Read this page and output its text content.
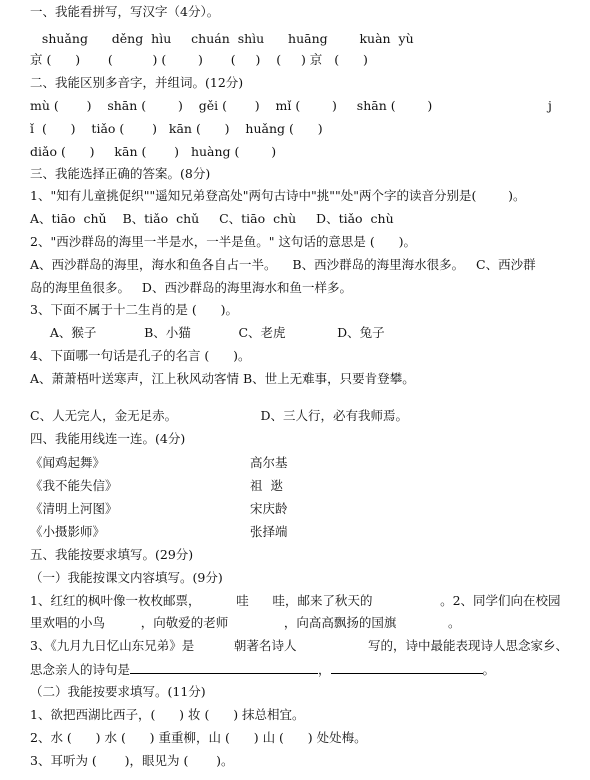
一、我能看拼写，写汉字（4分）。
shuǎng      děng  hìu     chuán  shìu      huāng        kuàn  yù
京 (      )       (          ) (        )       (     )    (     ) 京   (      )
二、我能区别多音字，并组词。(12分)
mù (       )    shān (        )    gěi (       )    mǐ (        )     shān (        )	j
ǐ  (      )    tiǎo (       )   kān (      )    huǎng (      )
diǎo (      )     kān (       )   huàng (        )
三、我能选择正确的答案。(8分)
1、"知有儿童挑促织""遥知兄弟登高处"两句古诗中"挑""处"两个字的读音分别是(        )。
A、tiāo  chǔ    B、tiǎo  chǔ     C、tiāo  chù     D、tiǎo  chù
2、"西沙群岛的海里一半是水，一半是鱼。" 这句话的意思是 (      )。
A、西沙群岛的海里，海水和鱼各自占一半。    B、西沙群岛的海里海水很多。   C、西沙群
岛的海里鱼很多。   D、西沙群岛的海里海水和鱼一样多。
3、下面不属于十二生肖的是 (      )。
A、猴子            B、小猫            C、老虎             D、兔子
4、下面哪一句话是孔子的名言 (      )。
A、萧萧梧叶送寒声，江上秋风动客情 B、世上无难事，只要肯登攀。
C、人无完人，金无足赤。                     D、三人行，必有我师焉。
四、我能用线连一连。(4分)
《闻鸡起舞》	高尔基
《我不能失信》	祖  逖
《清明上河图》	宋庆龄
《小摄影师》	张择端
五、我能按要求填写。(29分)
（一）我能按课文内容填写。(9分)
1、红红的枫叶像一枚枚邮票，         哇      哇，邮来了秋天的                 。2、同学们向在校园
里欢唱的小鸟         ，向敬爱的老师              ，向高高飘扬的国旗             。
3、《九月九日忆山东兄弟》是          朝著名诗人                  写的，诗中最能表现诗人思念家乡、
思念亲人的诗句是	，	。
（二）我能按要求填写。(11分)
1、欲把西湖比西子，(      ) 妆 (      ) 抹总相宜。
2、水 (      ) 水 (      ) 重重柳，山 (      ) 山 (      ) 处处梅。
3、耳听为 (       )，眼见为 (       )。
